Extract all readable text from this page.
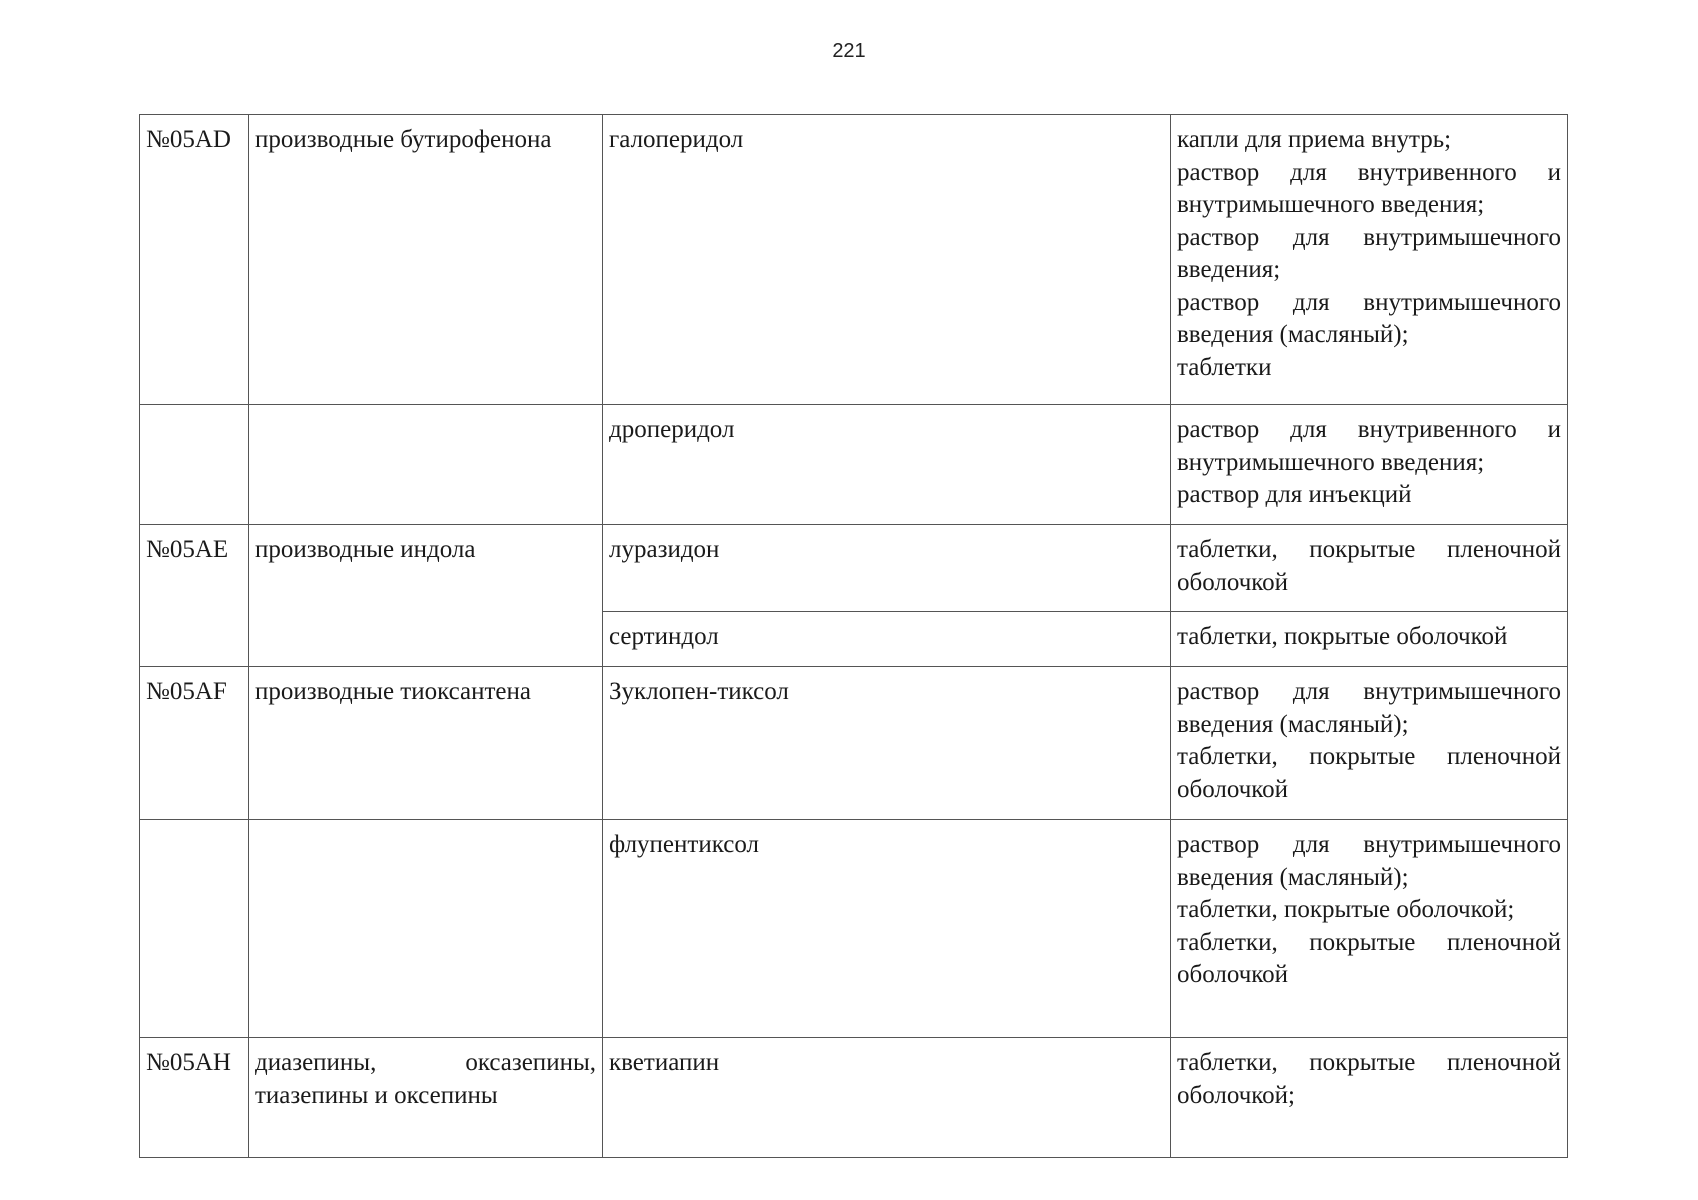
221
№05AD	производные бутирофенона	галоперидол	капли для приема внутрь;
раствор для внутривенного и внутримышечного введения;
раствор для внутримышечного введения;
раствор для внутримышечного введения (масляный);
таблетки

		дроперидол	раствор для внутривенного и внутримышечного введения;
раствор для инъекций

№05AE	производные индола	луразидон	таблетки, покрытые пленочной оболочкой

		сертиндол	таблетки, покрытые оболочкой

№05AF	производные тиоксантена	Зуклопен-тиксол	раствор для внутримышечного введения (масляный);
таблетки, покрытые пленочной оболочкой

		флупентиксол	раствор для внутримышечного введения (масляный);
таблетки, покрытые оболочкой;
таблетки, покрытые пленочной оболочкой

№05AH	диазепины, оксазепины, тиазепины и оксепины	кветиапин	таблетки, покрытые пленочной оболочкой;
